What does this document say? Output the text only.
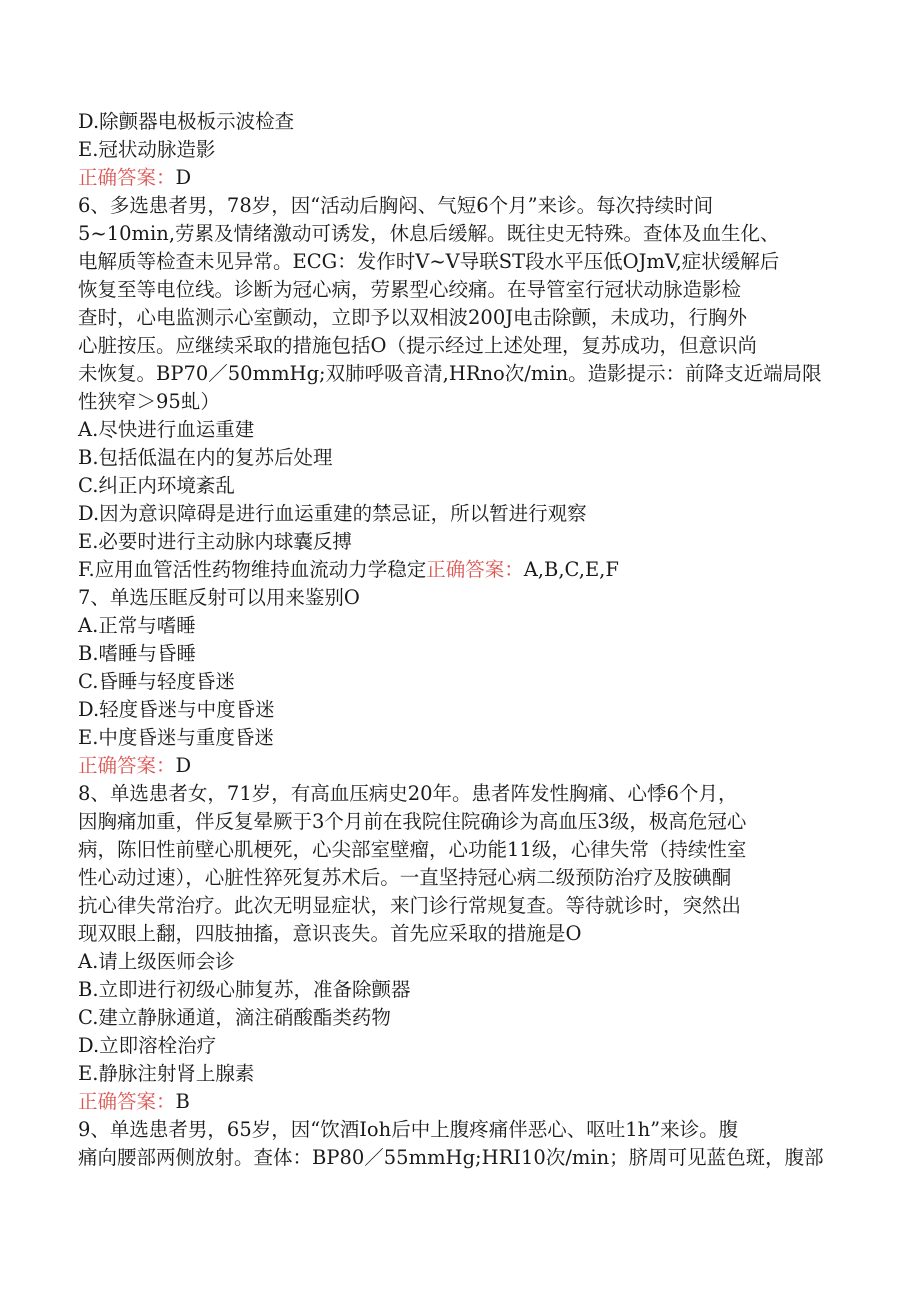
D.除颤器电极板示波检查
E.冠状动脉造影
正确答案：D
6、多选患者男，78岁，因“活动后胸闷、气短6个月”来诊。每次持续时间
5~10min,劳累及情绪激动可诱发，休息后缓解。既往史无特殊。查体及血生化、
电解质等检查未见异常。ECG：发作时V~V导联ST段水平压低OJmV,症状缓解后
恢复至等电位线。诊断为冠心病，劳累型心绞痛。在导管室行冠状动脉造影检
查时，心电监测示心室颤动，立即予以双相波200J电击除颤，未成功，行胸外
心脏按压。应继续采取的措施包括O（提示经过上述处理，复苏成功，但意识尚
未恢复。BP70／50mmHg;双肺呼吸音清,HRno次/min。造影提示：前降支近端局限
性狭窄＞95虬）
A.尽快进行血运重建
B.包括低温在内的复苏后处理
C.纠正内环境紊乱
D.因为意识障碍是进行血运重建的禁忌证，所以暂进行观察
E.必要时进行主动脉内球囊反搏
F.应用血管活性药物维持血流动力学稳定正确答案：A,B,C,E,F
7、单选压眶反射可以用来鉴别O
A.正常与嗜睡
B.嗜睡与昏睡
C.昏睡与轻度昏迷
D.轻度昏迷与中度昏迷
E.中度昏迷与重度昏迷
正确答案：D
8、单选患者女，71岁，有高血压病史20年。患者阵发性胸痛、心悸6个月，
因胸痛加重，伴反复晕厥于3个月前在我院住院确诊为高血压3级，极高危冠心
病，陈旧性前壁心肌梗死，心尖部室壁瘤，心功能11级，心律失常（持续性室
性心动过速），心脏性猝死复苏术后。一直坚持冠心病二级预防治疗及胺碘酮
抗心律失常治疗。此次无明显症状，来门诊行常规复查。等待就诊时，突然出
现双眼上翻，四肢抽搐，意识丧失。首先应采取的措施是O
A.请上级医师会诊
B.立即进行初级心肺复苏，准备除颤器
C.建立静脉通道，滴注硝酸酯类药物
D.立即溶栓治疗
E.静脉注射肾上腺素
正确答案：B
9、单选患者男，65岁，因“饮酒Ioh后中上腹疼痛伴恶心、呕吐1h”来诊。腹
痛向腰部两侧放射。查体：BP80／55mmHg;HRI10次/min；脐周可见蓝色斑，腹部
